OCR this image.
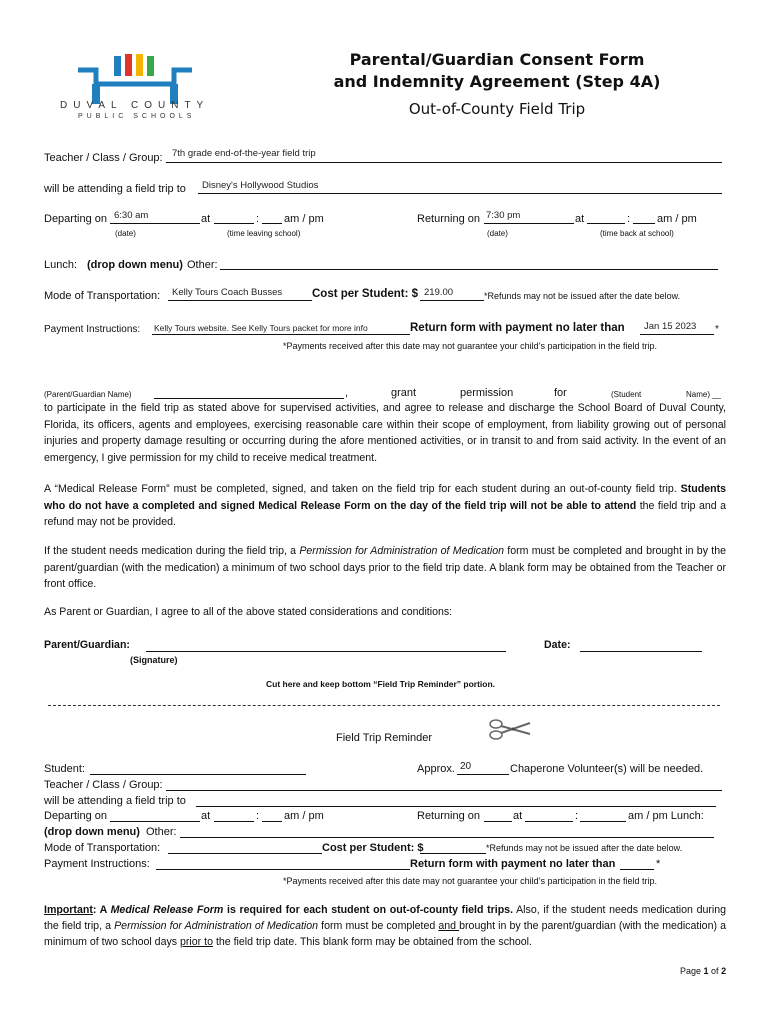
DUVAL COUNTY
PUBLIC SCHOOLS
Parental/Guardian Consent Form
and Indemnity Agreement (Step 4A)
Out-of-County Field Trip
Teacher / Class / Group: 7th grade end-of-the-year field trip
will be attending a field trip to Disney's Hollywood Studios
Departing on 6:30 am	at	: am / pm
(date)	(time leaving school)
Returning on 7:30 pm	at	: am / pm
(date)	(time back at school)
Lunch: (drop down menu) Other:
Mode of Transportation: Kelly Tours Coach Busses	Cost per Student: $ 219.00	*Refunds may not be issued after the date below.
Payment Instructions: Kelly Tours website. See Kelly Tours packet for more info	Return form with payment no later than Jan 15 2023 *
*Payments received after this date may not guarantee your child’s participation in the field trip.
(Parent/Guardian Name)	,	grant	permission	for	(Student	Name) __
to participate in the field trip as stated above for supervised activities, and agree to release and discharge the School Board of Duval County, Florida, its officers, agents and employees, exercising reasonable care within their scope of employment, from liability growing out of personal injuries and property damage resulting or occurring during the afore mentioned activities, or in transit to and from said activity. In the event of an emergency, I give permission for my child to receive medical treatment.
A “Medical Release Form” must be completed, signed, and taken on the field trip for each student during an out-of-county field trip. Students who do not have a completed and signed Medical Release Form on the day of the field trip will not be able to attend the field trip and a refund may not be provided.
If the student needs medication during the field trip, a Permission for Administration of Medication form must be completed and brought in by the parent/guardian (with the medication) a minimum of two school days prior to the field trip date. A blank form may be obtained from the Teacher or front office.
As Parent or Guardian, I agree to all of the above stated considerations and conditions:
Parent/Guardian:
(Signature)
Date:
Cut here and keep bottom “Field Trip Reminder” portion.
Field Trip Reminder
Student:	Approx. 20	Chaperone Volunteer(s) will be needed.
Teacher / Class / Group:
will be attending a field trip to
Departing on	at	: am / pm	Returning on	at	:	am / pm Lunch:
(drop down menu) Other:
Mode of Transportation:	Cost per Student: $	*Refunds may not be issued after the date below.
Payment Instructions:	Return form with payment no later than	*
*Payments received after this date may not guarantee your child’s participation in the field trip.
Important: A Medical Release Form is required for each student on out-of-county field trips. Also, if the student needs medication during the field trip, a Permission for Administration of Medication form must be completed and brought in by the parent/guardian (with the medication) a minimum of two school days prior to the field trip date. This blank form may be obtained from the school.
Page 1 of 2
